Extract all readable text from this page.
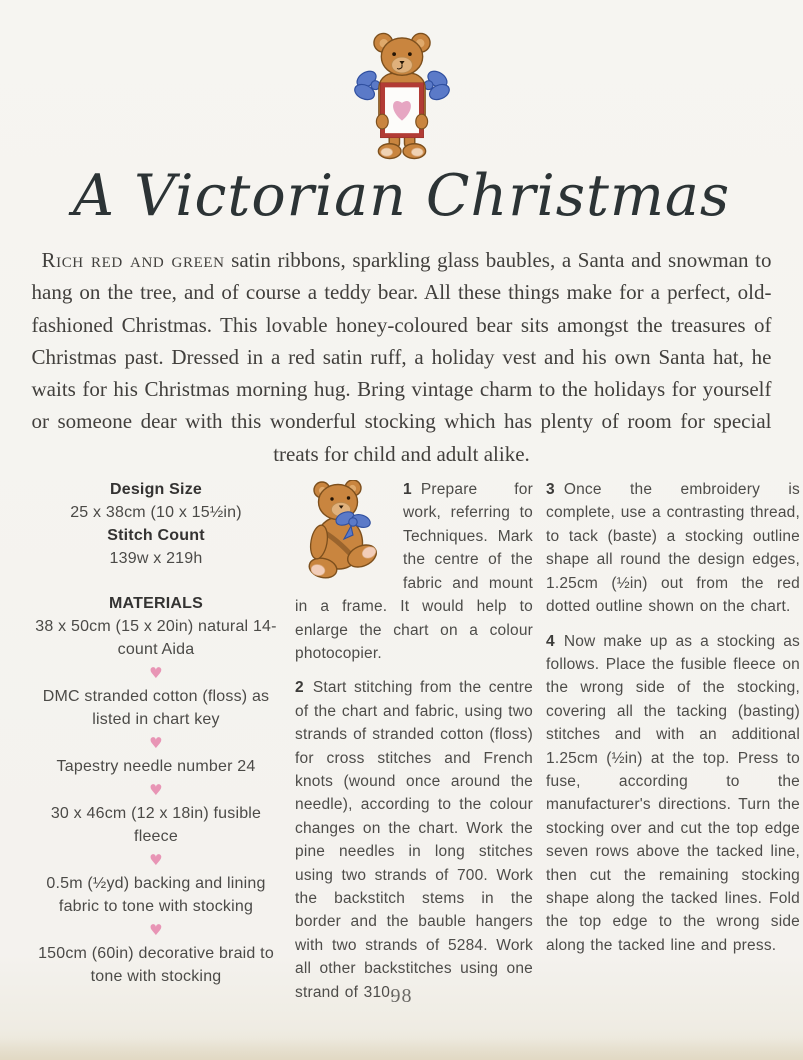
A Victorian Christmas

Rich red and green satin ribbons, sparkling glass baubles, a Santa and snowman to hang on the tree, and of course a teddy bear. All these things make for a perfect, old-fashioned Christmas. This lovable honey-coloured bear sits amongst the treasures of Christmas past. Dressed in a red satin ruff, a holiday vest and his own Santa hat, he waits for his Christmas morning hug. Bring vintage charm to the holidays for yourself or someone dear with this wonderful stocking which has plenty of room for special treats for child and adult alike.

Design Size
25 x 38cm (10 x 15½in)
Stitch Count
139w x 219h
MATERIALS
38 x 50cm (15 x 20in) natural 14-count Aida
♥
DMC stranded cotton (floss) as listed in chart key
♥
Tapestry needle number 24
♥
30 x 46cm (12 x 18in) fusible fleece
♥
0.5m (½yd) backing and lining fabric to tone with stocking
♥
150cm (60in) decorative braid to tone with stocking

1 Prepare for work, referring to Techniques. Mark the centre of the fabric and mount in a frame. It would help to enlarge the chart on a colour photocopier.

2 Start stitching from the centre of the chart and fabric, using two strands of stranded cotton (floss) for cross stitches and French knots (wound once around the needle), according to the colour changes on the chart. Work the pine needles in long stitches using two strands of 700. Work the backstitch stems in the border and the bauble hangers with two strands of 5284. Work all other backstitches using one strand of 310.

3 Once the embroidery is complete, use a contrasting thread, to tack (baste) a stocking outline shape all round the design edges, 1.25cm (½in) out from the red dotted outline shown on the chart.

4 Now make up as a stocking as follows. Place the fusible fleece on the wrong side of the stocking, covering all the tacking (basting) stitches and with an additional 1.25cm (½in) at the top. Press to fuse, according to the manufacturer's directions. Turn the stocking over and cut the top edge seven rows above the tacked line, then cut the remaining stocking shape along the tacked lines. Fold the top edge to the wrong side along the tacked line and press.

98
